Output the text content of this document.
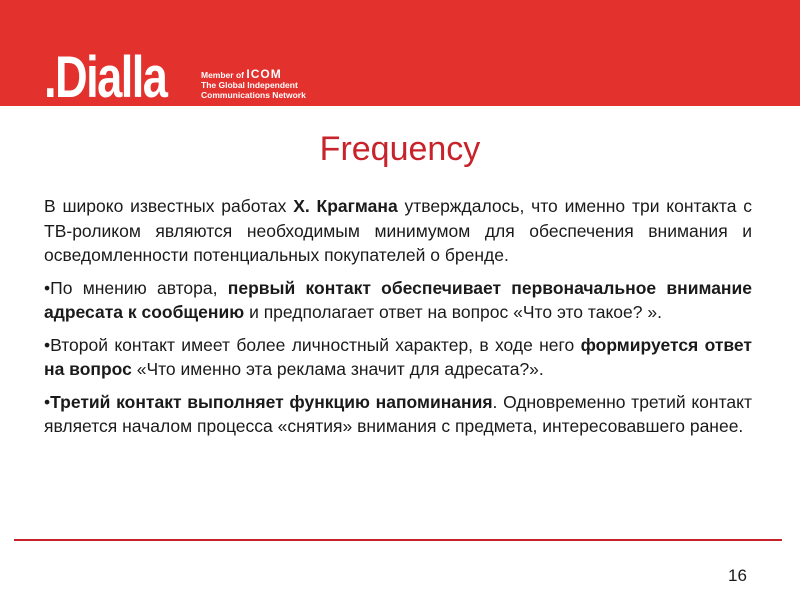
.Dialla	Member of ICOM
The Global Independent
Communications Network
Frequency

В широко известных работах Х. Крагмана утверждалось, что именно три контакта с ТВ-роликом являются необходимым минимумом для обеспечения внимания и осведомленности потенциальных покупателей о бренде.

•По мнению автора, первый контакт обеспечивает первоначальное внимание адресата к сообщению и предполагает ответ на вопрос «Что это такое? ».

•Второй контакт имеет более личностный характер, в ходе него формируется ответ на вопрос «Что именно эта реклама значит для адресата?».

•Третий контакт выполняет функцию напоминания. Одновременно третий контакт является началом процесса «снятия» внимания с предмета, интересовавшего ранее.

16
